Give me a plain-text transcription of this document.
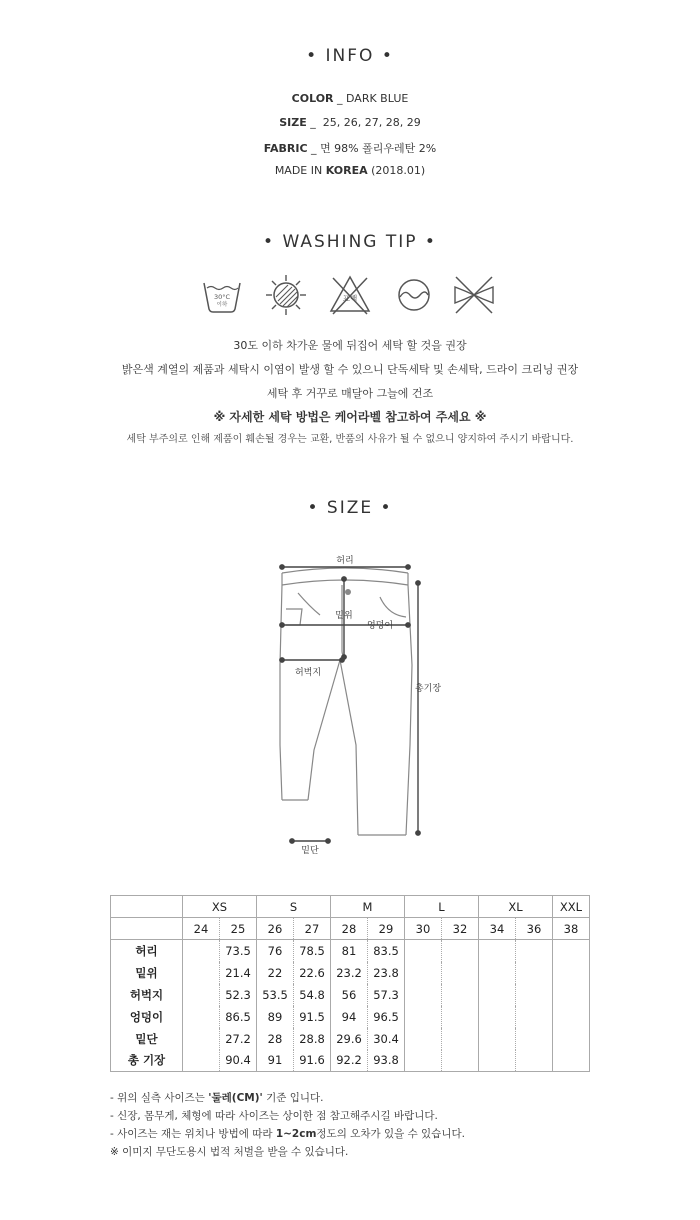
• INFO •
COLOR _ DARK BLUE
SIZE _  25, 26, 27, 28, 29
FABRIC _ 면 98% 폴리우레탄 2%
MADE IN KOREA (2018.01)
• WASHING TIP •
30°C
이하
표백
30도 이하 차가운 물에 뒤집어 세탁 할 것을 권장
밝은색 계열의 제품과 세탁시 이염이 발생 할 수 있으니 단독세탁 및 손세탁, 드라이 크리닝 권장
세탁 후 거꾸로 매달아 그늘에 건조
※ 자세한 세탁 방법은 케어라벨 참고하여 주세요 ※
세탁 부주의로 인해 제품이 훼손될 경우는 교환, 반품의 사유가 될 수 없으니 양지하여 주시기 바랍니다.
• SIZE •
허리
밑위
엉덩이
허벅지
총기장
밑단
	XS		S		M		L		XL		XXL
	24	25	26	27	28	29	30	32	34	36	38
허리		73.5	76	78.5	81	83.5					
밑위		21.4	22	22.6	23.2	23.8					
허벅지		52.3	53.5	54.8	56	57.3					
엉덩이		86.5	89	91.5	94	96.5					
밑단		27.2	28	28.8	29.6	30.4					
총 기장		90.4	91	91.6	92.2	93.8					
- 위의 실측 사이즈는 '둘레(CM)' 기준 입니다.
- 신장, 몸무게, 체형에 따라 사이즈는 상이한 점 참고해주시길 바랍니다.
- 사이즈는 재는 위치나 방법에 따라 1~2cm정도의 오차가 있을 수 있습니다.
※ 이미지 무단도용시 법적 처벌을 받을 수 있습니다.
